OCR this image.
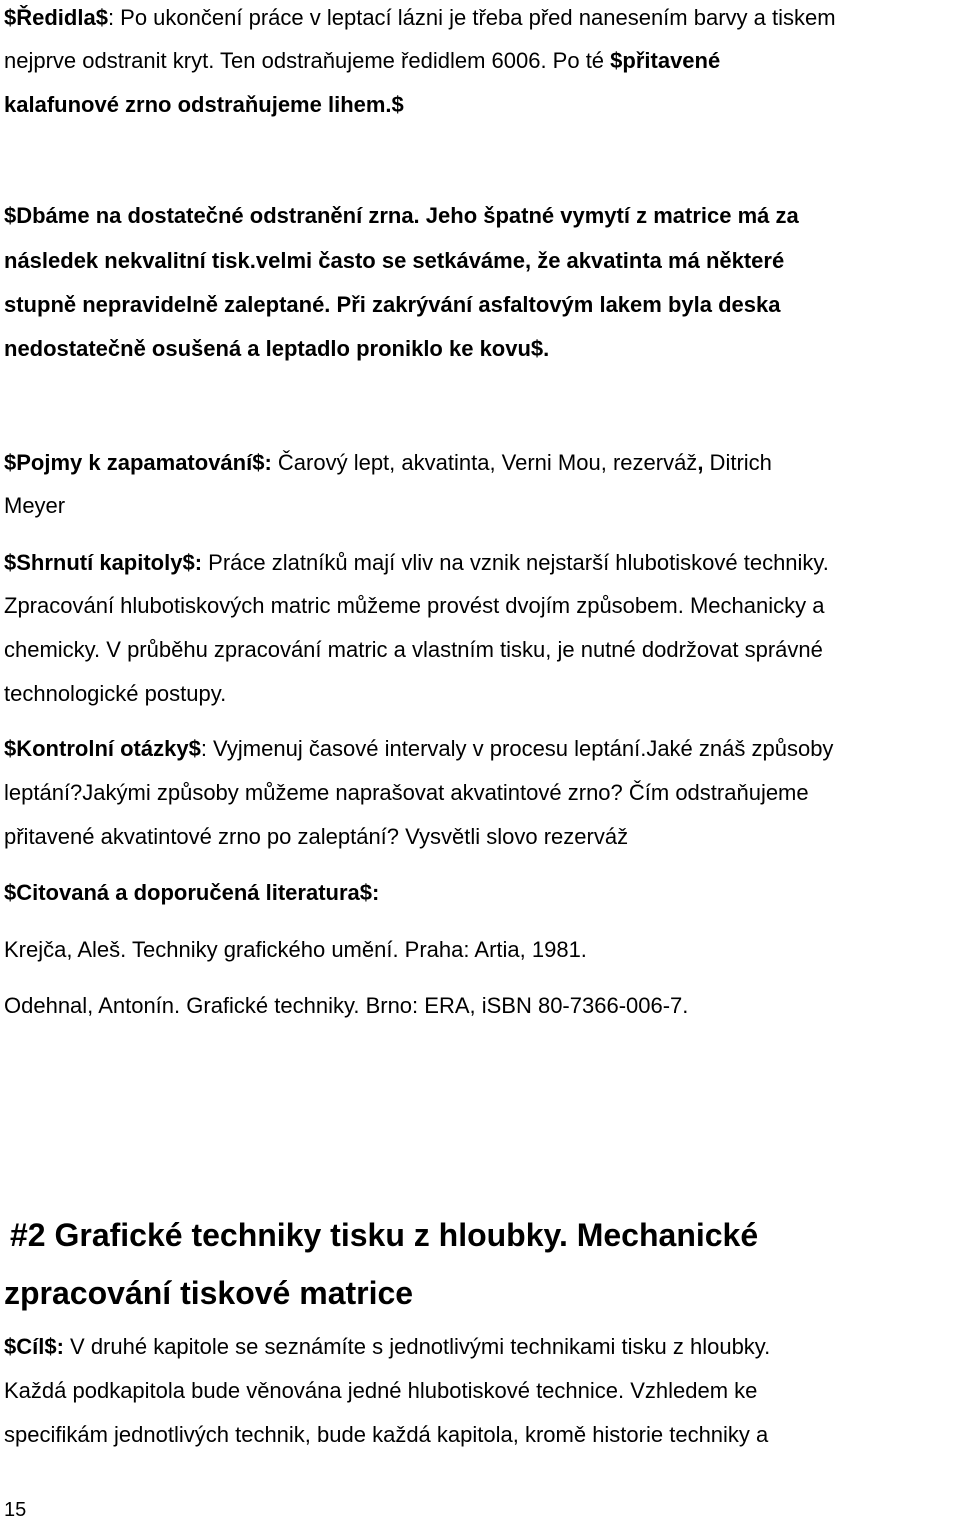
$Ředidla$: Po ukončení práce v leptací lázni je třeba před nanesením barvy a tiskem
nejprve odstranit kryt. Ten odstraňujeme ředidlem 6006. Po té $přitavené
kalafunové zrno odstraňujeme lihem.$
$Dbáme na dostatečné odstranění zrna. Jeho špatné vymytí z matrice má za
následek nekvalitní tisk.velmi často se setkáváme, že akvatinta má některé
stupně nepravidelně zaleptané. Při zakrývání asfaltovým lakem byla deska
nedostatečně osušená a leptadlo proniklo ke kovu$.
$Pojmy k zapamatování$: Čarový lept, akvatinta, Verni Mou, rezerváž, Ditrich
Meyer
$Shrnutí kapitoly$: Práce zlatníků mají vliv na vznik nejstarší hlubotiskové techniky.
Zpracování hlubotiskových matric můžeme provést dvojím způsobem. Mechanicky a
chemicky. V průběhu zpracování matric a vlastním tisku, je nutné dodržovat správné
technologické postupy.
$Kontrolní otázky$: Vyjmenuj časové intervaly v procesu leptání.Jaké znáš způsoby
leptání?Jakými způsoby můžeme naprašovat akvatintové zrno? Čím odstraňujeme
přitavené akvatintové zrno po zaleptání? Vysvětli slovo rezerváž
$Citovaná a doporučená literatura$:
Krejča, Aleš. Techniky grafického umění. Praha: Artia, 1981.
Odehnal, Antonín. Grafické techniky. Brno: ERA, iSBN 80-7366-006-7.
#2 Grafické techniky tisku z hloubky. Mechanické
zpracování tiskové matrice
$Cíl$: V druhé kapitole se seznámíte s jednotlivými technikami tisku z hloubky.
Každá podkapitola bude věnována jedné hlubotiskové technice. Vzhledem ke
specifikám jednotlivých technik, bude každá kapitola, kromě historie techniky a
15
